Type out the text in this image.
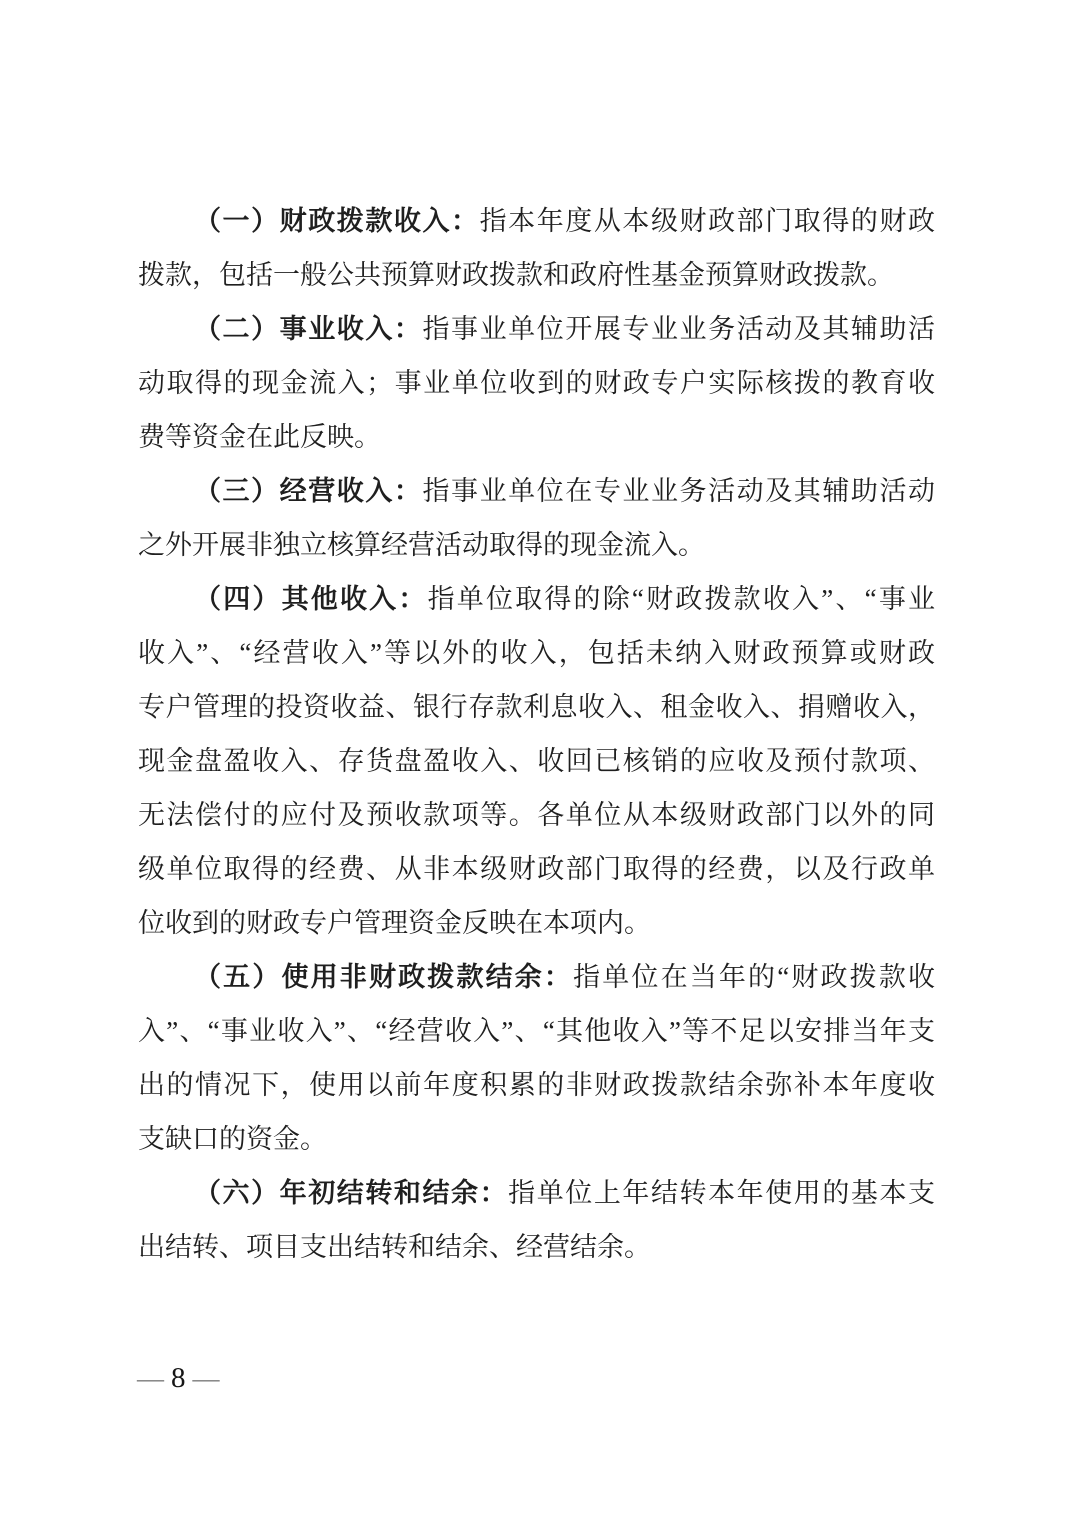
（一）财政拨款收入：指本年度从本级财政部门取得的财政
拨款，包括一般公共预算财政拨款和政府性基金预算财政拨款。
（二）事业收入：指事业单位开展专业业务活动及其辅助活
动取得的现金流入；事业单位收到的财政专户实际核拨的教育收
费等资金在此反映。
（三）经营收入：指事业单位在专业业务活动及其辅助活动
之外开展非独立核算经营活动取得的现金流入。
（四）其他收入：指单位取得的除“财政拨款收入”、“事业
收入”、“经营收入”等以外的收入，包括未纳入财政预算或财政
专户管理的投资收益、银行存款利息收入、租金收入、捐赠收入，
现金盘盈收入、存货盘盈收入、收回已核销的应收及预付款项、
无法偿付的应付及预收款项等。各单位从本级财政部门以外的同
级单位取得的经费、从非本级财政部门取得的经费，以及行政单
位收到的财政专户管理资金反映在本项内。
（五）使用非财政拨款结余：指单位在当年的“财政拨款收
入”、“事业收入”、“经营收入”、“其他收入”等不足以安排当年支
出的情况下，使用以前年度积累的非财政拨款结余弥补本年度收
支缺口的资金。
（六）年初结转和结余：指单位上年结转本年使用的基本支
出结转、项目支出结转和结余、经营结余。
— 8 —
